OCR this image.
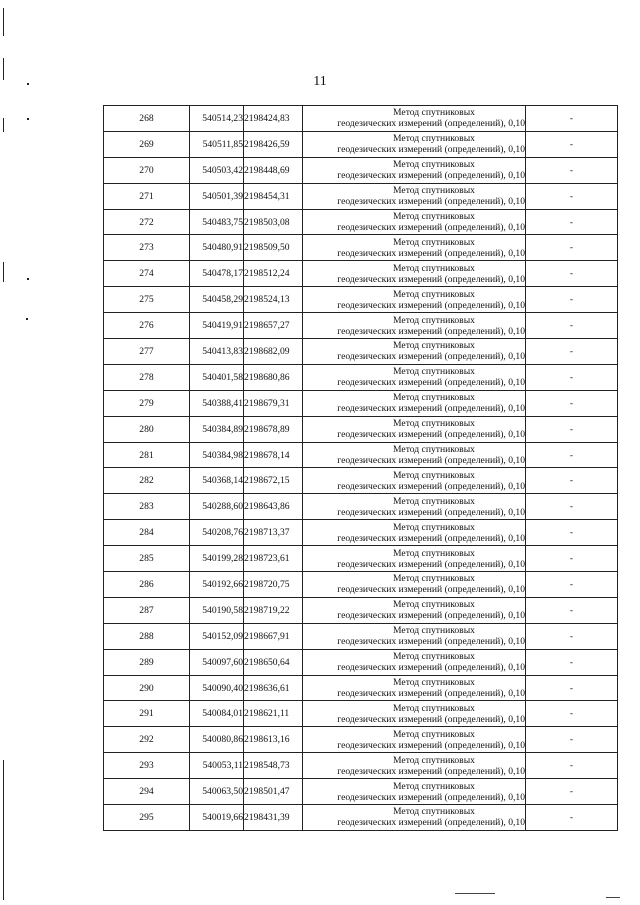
11
268	540514,23	2198424,83	Метод спутниковых
геодезических измерений (определений), 0,10	-
269	540511,85	2198426,59	Метод спутниковых
геодезических измерений (определений), 0,10	-
270	540503,42	2198448,69	Метод спутниковых
геодезических измерений (определений), 0,10	-
271	540501,39	2198454,31	Метод спутниковых
геодезических измерений (определений), 0,10	-
272	540483,75	2198503,08	Метод спутниковых
геодезических измерений (определений), 0,10	-
273	540480,91	2198509,50	Метод спутниковых
геодезических измерений (определений), 0,10	-
274	540478,17	2198512,24	Метод спутниковых
геодезических измерений (определений), 0,10	-
275	540458,29	2198524,13	Метод спутниковых
геодезических измерений (определений), 0,10	-
276	540419,91	2198657,27	Метод спутниковых
геодезических измерений (определений), 0,10	-
277	540413,83	2198682,09	Метод спутниковых
геодезических измерений (определений), 0,10	-
278	540401,58	2198680,86	Метод спутниковых
геодезических измерений (определений), 0,10	-
279	540388,41	2198679,31	Метод спутниковых
геодезических измерений (определений), 0,10	-
280	540384,89	2198678,89	Метод спутниковых
геодезических измерений (определений), 0,10	-
281	540384,98	2198678,14	Метод спутниковых
геодезических измерений (определений), 0,10	-
282	540368,14	2198672,15	Метод спутниковых
геодезических измерений (определений), 0,10	-
283	540288,60	2198643,86	Метод спутниковых
геодезических измерений (определений), 0,10	-
284	540208,76	2198713,37	Метод спутниковых
геодезических измерений (определений), 0,10	-
285	540199,28	2198723,61	Метод спутниковых
геодезических измерений (определений), 0,10	-
286	540192,66	2198720,75	Метод спутниковых
геодезических измерений (определений), 0,10	-
287	540190,58	2198719,22	Метод спутниковых
геодезических измерений (определений), 0,10	-
288	540152,09	2198667,91	Метод спутниковых
геодезических измерений (определений), 0,10	-
289	540097,60	2198650,64	Метод спутниковых
геодезических измерений (определений), 0,10	-
290	540090,40	2198636,61	Метод спутниковых
геодезических измерений (определений), 0,10	-
291	540084,01	2198621,11	Метод спутниковых
геодезических измерений (определений), 0,10	-
292	540080,86	2198613,16	Метод спутниковых
геодезических измерений (определений), 0,10	-
293	540053,11	2198548,73	Метод спутниковых
геодезических измерений (определений), 0,10	-
294	540063,50	2198501,47	Метод спутниковых
геодезических измерений (определений), 0,10	-
295	540019,66	2198431,39	Метод спутниковых
геодезических измерений (определений), 0,10	-
